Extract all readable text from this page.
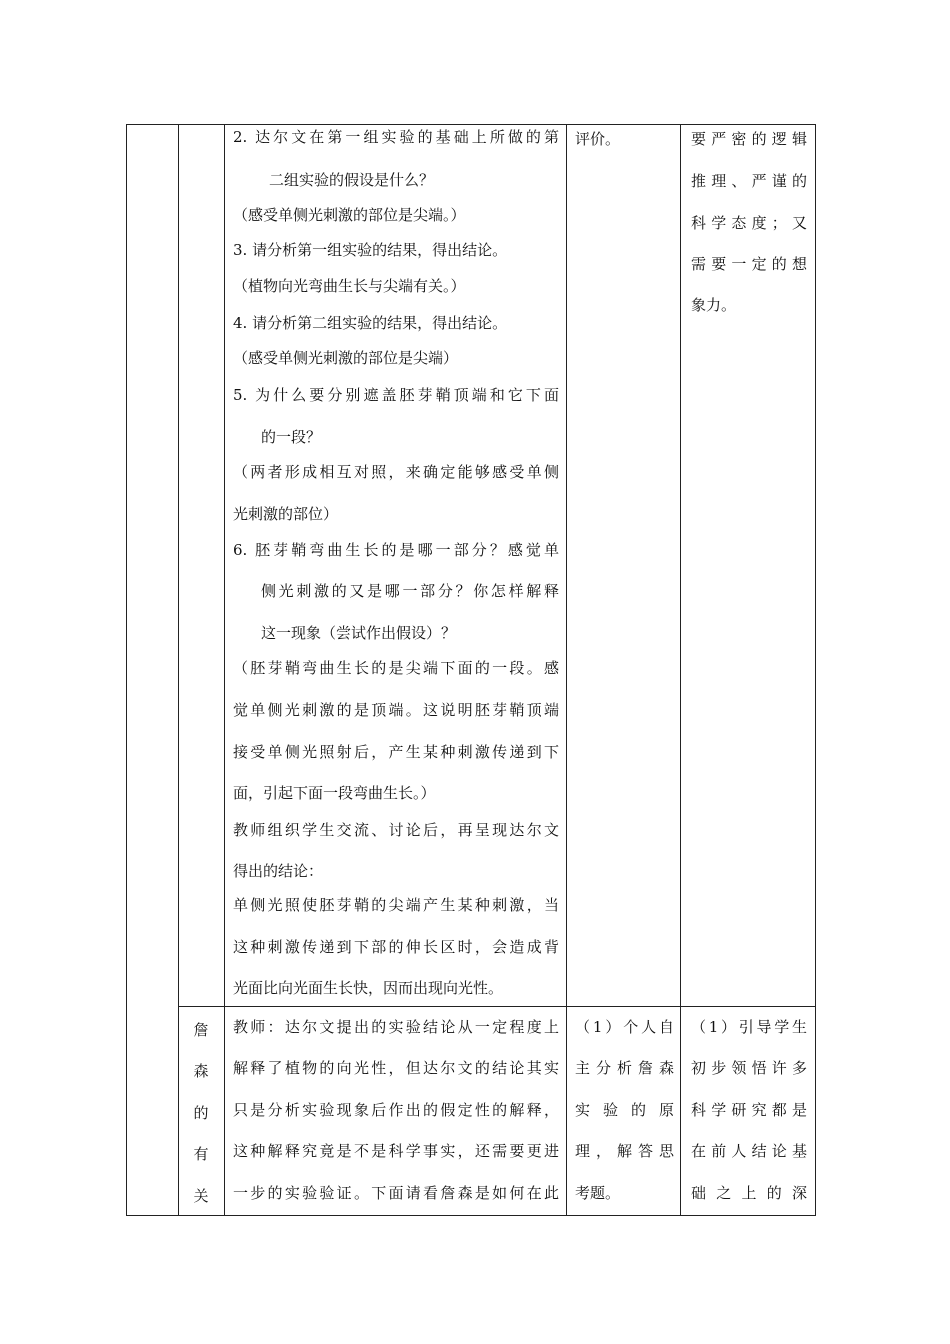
2. 达尔文在第一组实验的基础上所做的第
二组实验的假设是什么？
（感受单侧光刺激的部位是尖端。）
3. 请分析第一组实验的结果，得出结论。
（植物向光弯曲生长与尖端有关。）
4. 请分析第二组实验的结果，得出结论。
（感受单侧光刺激的部位是尖端）
5. 为什么要分别遮盖胚芽鞘顶端和它下面
的一段？
（两者形成相互对照，来确定能够感受单侧
光刺激的部位）
6. 胚芽鞘弯曲生长的是哪一部分？感觉单
侧光刺激的又是哪一部分？你怎样解释
这一现象（尝试作出假设）？
（胚芽鞘弯曲生长的是尖端下面的一段。感
觉单侧光刺激的是顶端。这说明胚芽鞘顶端
接受单侧光照射后，产生某种刺激传递到下
面，引起下面一段弯曲生长。）
教师组织学生交流、讨论后，再呈现达尔文
得出的结论：
单侧光照使胚芽鞘的尖端产生某种刺激，当
这种刺激传递到下部的伸长区时，会造成背
光面比向光面生长快，因而出现向光性。
评价。	要严密的逻辑
推理、严谨的
科学态度；又
需要一定的想
象力。
詹
森
的
有
关
教师：达尔文提出的实验结论从一定程度上
解释了植物的向光性，但达尔文的结论其实
只是分析实验现象后作出的假定性的解释，
这种解释究竟是不是科学事实，还需要更进
一步的实验验证。下面请看詹森是如何在此
（1）个人自
主分析詹森
实 验 的 原
理，解答思
考题。
（1）引导学生
初步领悟许多
科学研究都是
在前人结论基
础 之 上 的 深
